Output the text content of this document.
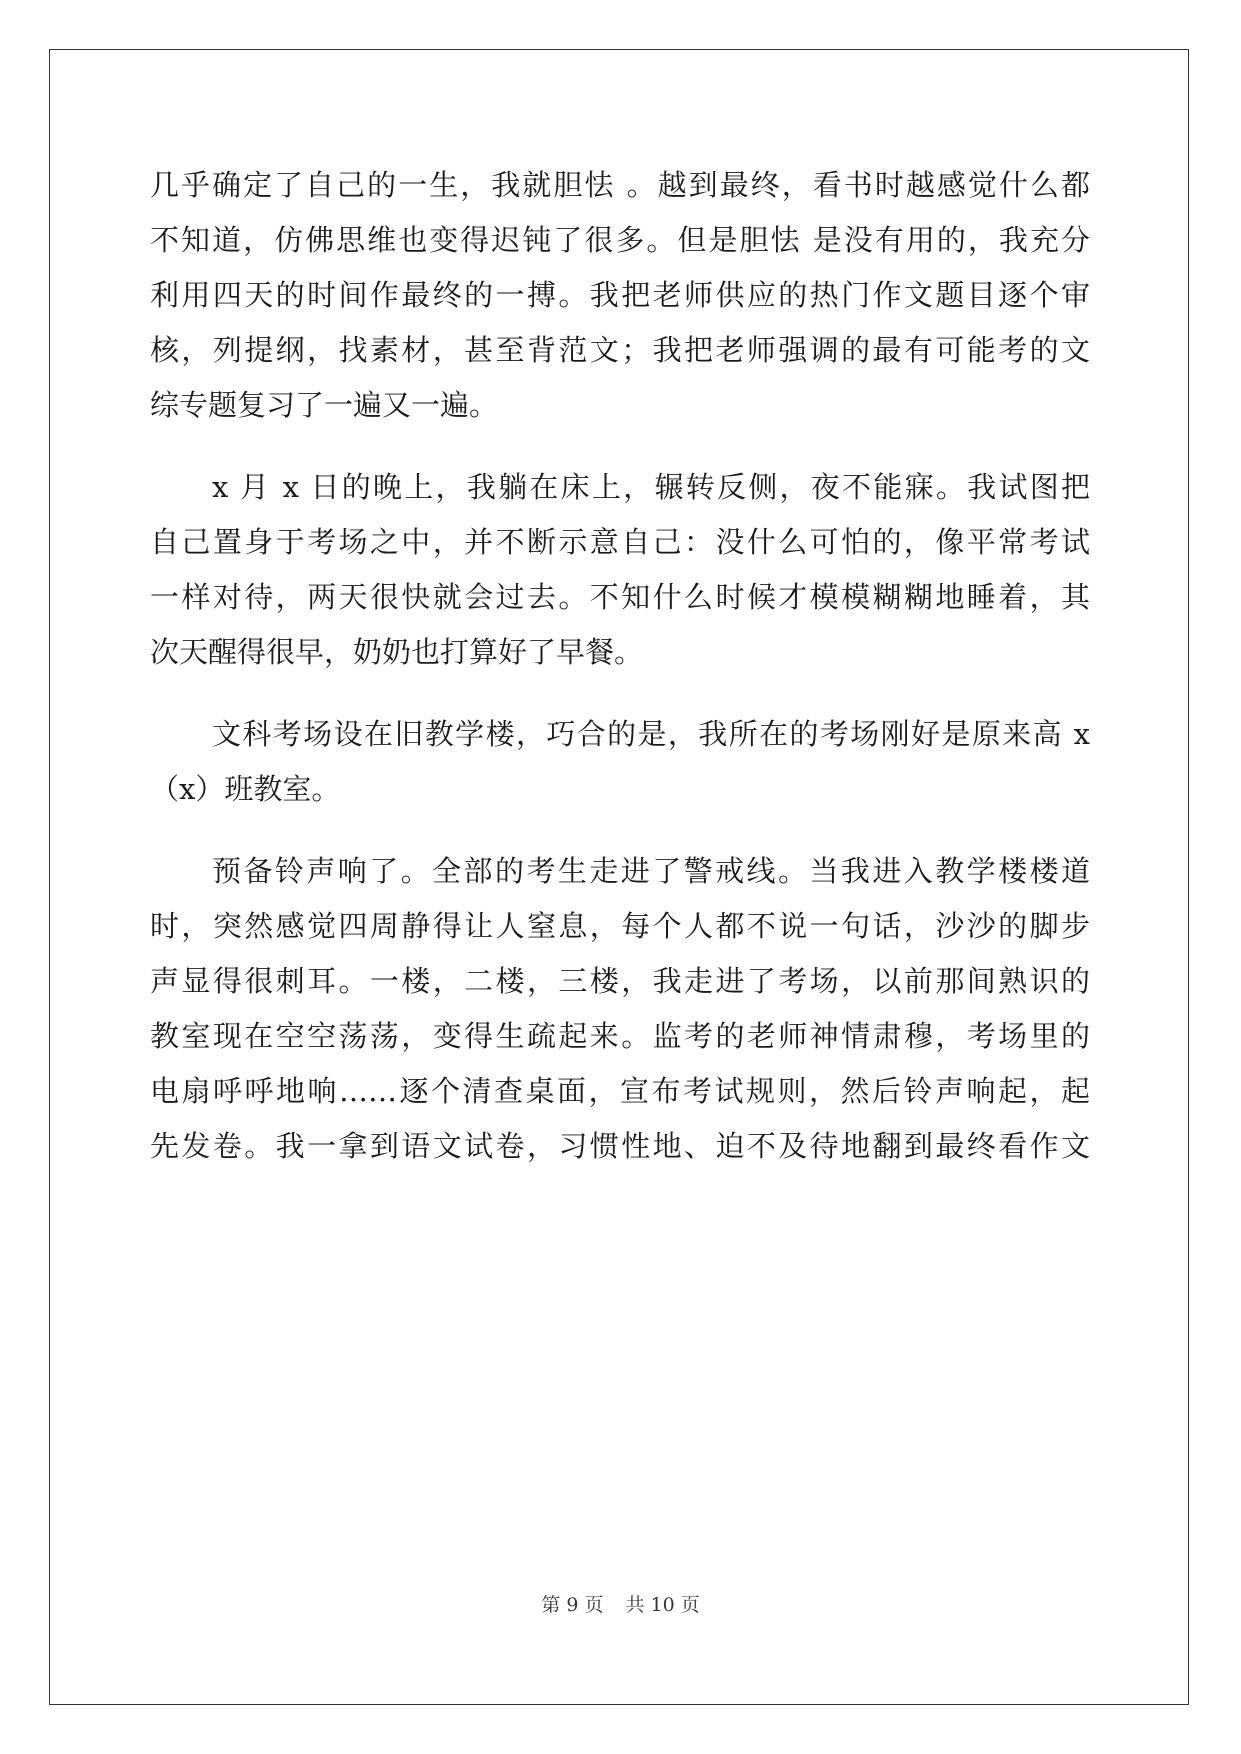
几乎确定了自己的一生，我就胆怯 。越到最终，看书时越感觉什么都
不知道，仿佛思维也变得迟钝了很多。但是胆怯 是没有用的，我充分
利用四天的时间作最终的一搏。我把老师供应的热门作文题目逐个审
核，列提纲，找素材，甚至背范文；我把老师强调的最有可能考的文
综专题复习了一遍又一遍。
x 月 x 日的晚上，我躺在床上，辗转反侧，夜不能寐。我试图把
自己置身于考场之中，并不断示意自己：没什么可怕的，像平常考试
一样对待，两天很快就会过去。不知什么时候才模模糊糊地睡着，其
次天醒得很早，奶奶也打算好了早餐。
文科考场设在旧教学楼，巧合的是，我所在的考场刚好是原来高 x
（x）班教室。
预备铃声响了。全部的考生走进了警戒线。当我进入教学楼楼道
时，突然感觉四周静得让人窒息，每个人都不说一句话，沙沙的脚步
声显得很刺耳。一楼，二楼，三楼，我走进了考场，以前那间熟识的
教室现在空空荡荡，变得生疏起来。监考的老师神情肃穆，考场里的
电扇呼呼地响……逐个清查桌面，宣布考试规则，然后铃声响起，起
先发卷。我一拿到语文试卷，习惯性地、迫不及待地翻到最终看作文
第 9 页 共 10 页
